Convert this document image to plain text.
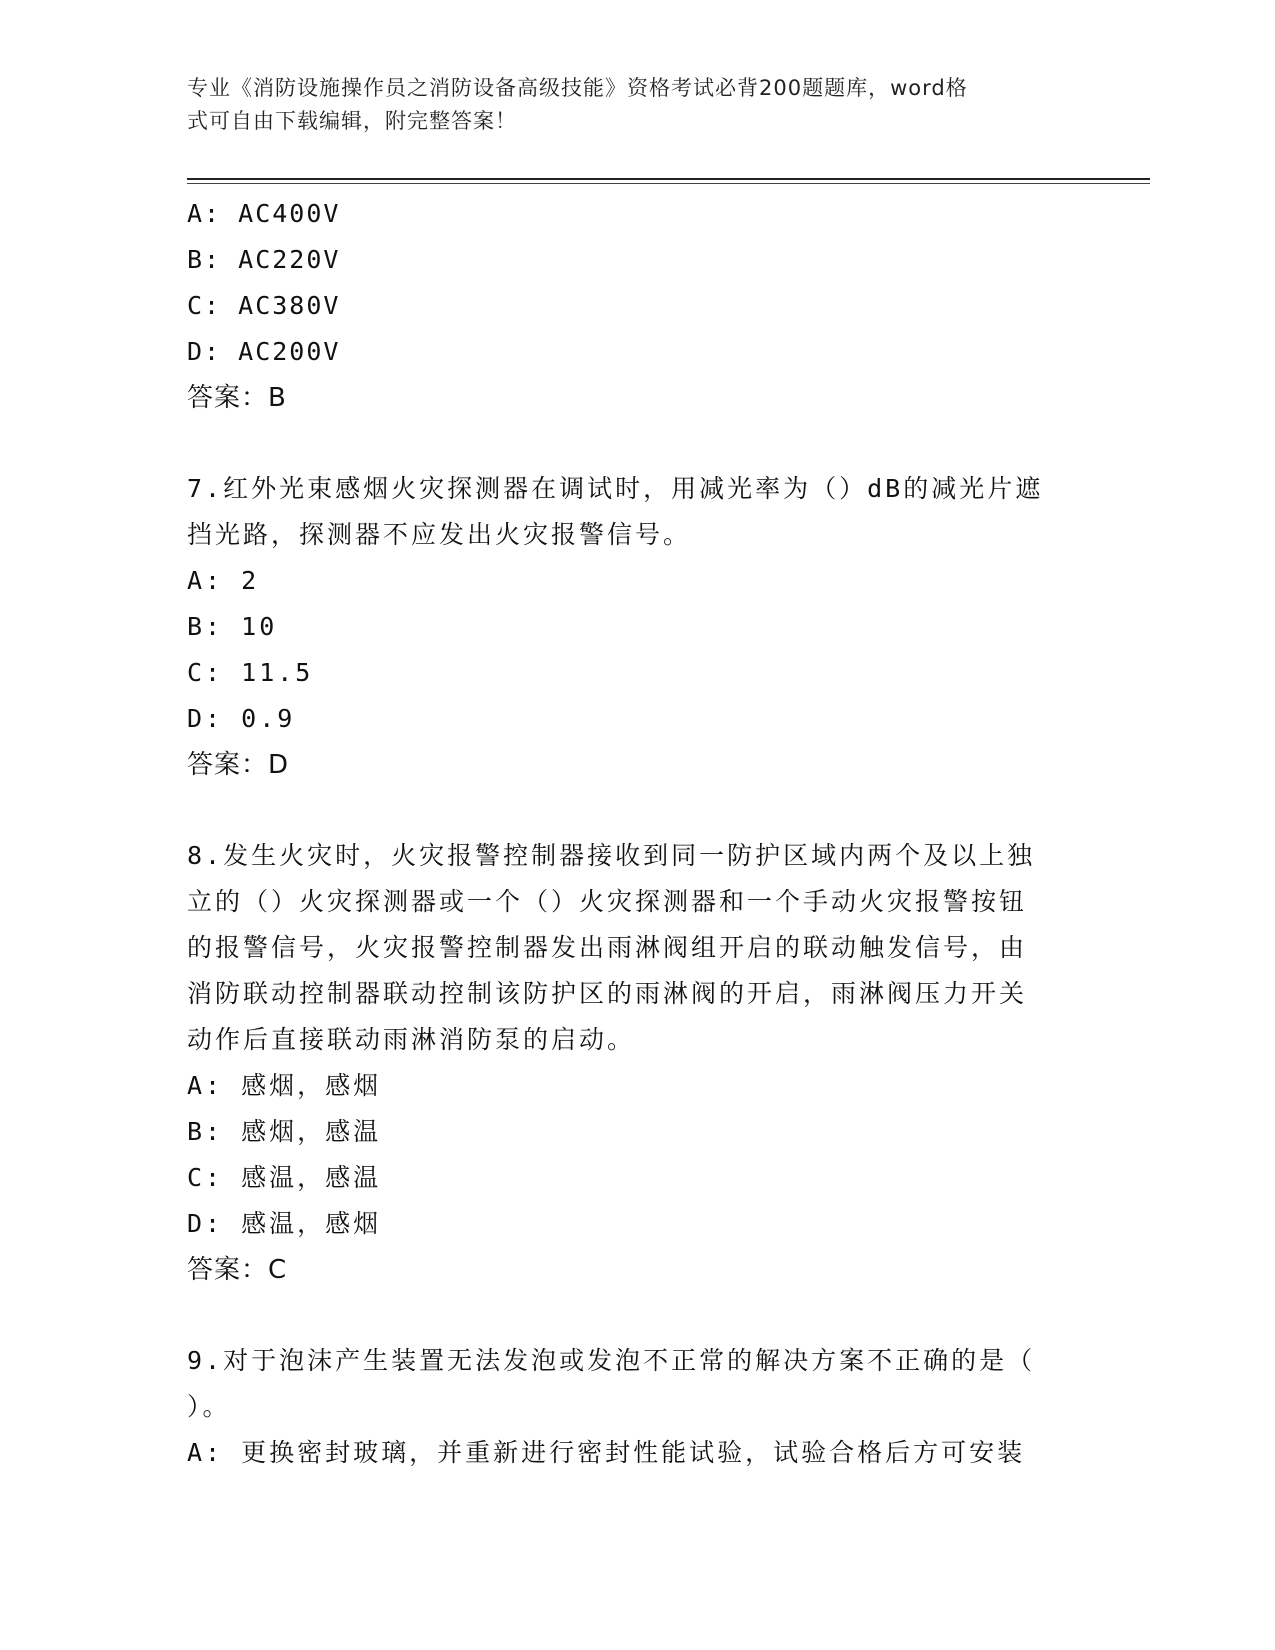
专业《消防设施操作员之消防设备高级技能》资格考试必背200题题库，word格
式可自由下载编辑，附完整答案！
A: AC400V
B: AC220V
C: AC380V
D: AC200V
答案：B
7.红外光束感烟火灾探测器在调试时，用减光率为（）dB的减光片遮
挡光路，探测器不应发出火灾报警信号。
A: 2
B: 10
C: 11.5
D: 0.9
答案：D
8.发生火灾时，火灾报警控制器接收到同一防护区域内两个及以上独
立的（）火灾探测器或一个（）火灾探测器和一个手动火灾报警按钮
的报警信号，火灾报警控制器发出雨淋阀组开启的联动触发信号，由
消防联动控制器联动控制该防护区的雨淋阀的开启，雨淋阀压力开关
动作后直接联动雨淋消防泵的启动。
A: 感烟，感烟
B: 感烟，感温
C: 感温，感温
D: 感温，感烟
答案：C
9.对于泡沫产生装置无法发泡或发泡不正常的解决方案不正确的是（
）。
A: 更换密封玻璃，并重新进行密封性能试验，试验合格后方可安装
